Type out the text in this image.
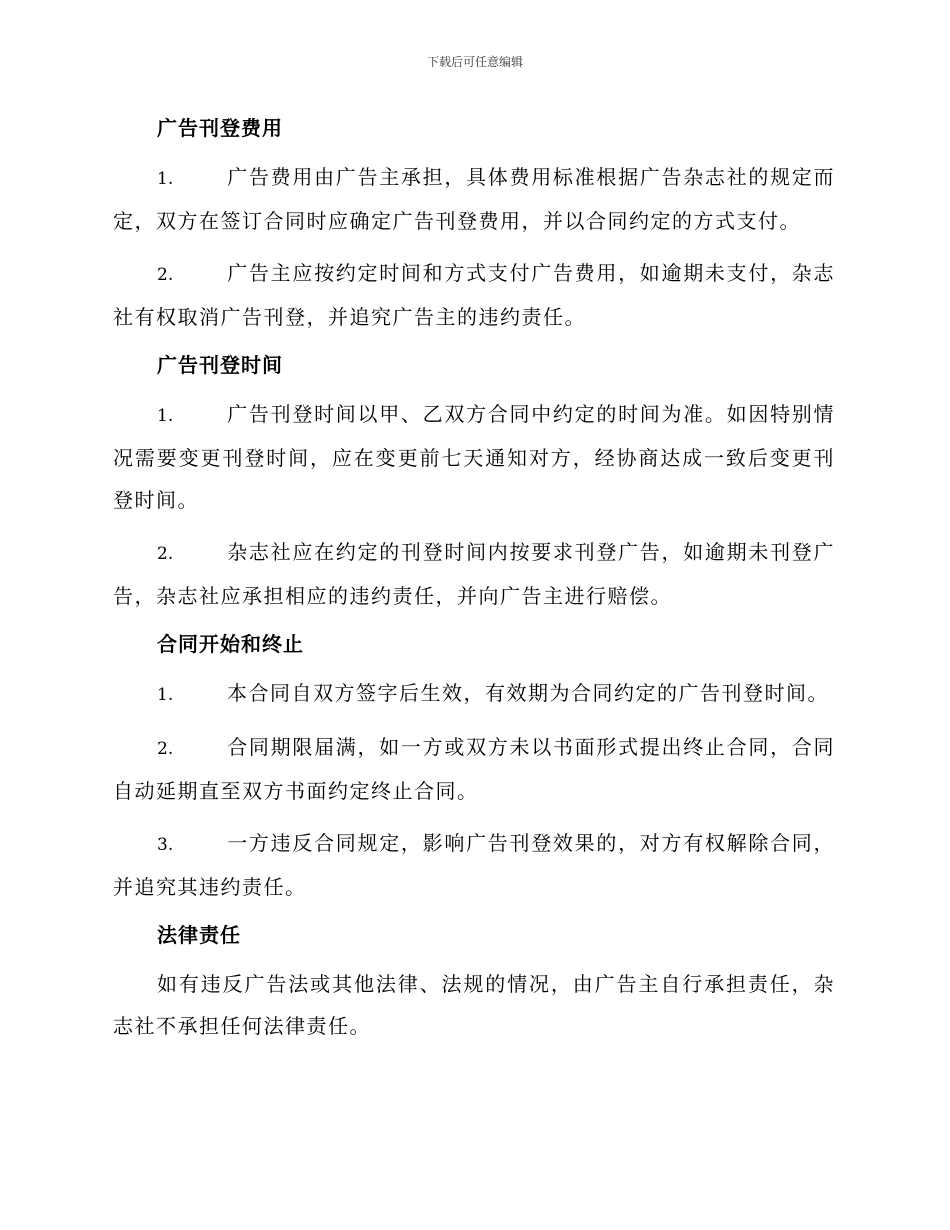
下载后可任意编辑
广告刊登费用

1.	广告费用由广告主承担，具体费用标准根据广告杂志社的规定而定，双方在签订合同时应确定广告刊登费用，并以合同约定的方式支付。

2.	广告主应按约定时间和方式支付广告费用，如逾期未支付，杂志社有权取消广告刊登，并追究广告主的违约责任。

广告刊登时间

1.	广告刊登时间以甲、乙双方合同中约定的时间为准。如因特别情况需要变更刊登时间，应在变更前七天通知对方，经协商达成一致后变更刊登时间。

2.	杂志社应在约定的刊登时间内按要求刊登广告，如逾期未刊登广告，杂志社应承担相应的违约责任，并向广告主进行赔偿。

合同开始和终止

1.	本合同自双方签字后生效，有效期为合同约定的广告刊登时间。

2.	合同期限届满，如一方或双方未以书面形式提出终止合同，合同自动延期直至双方书面约定终止合同。

3.	一方违反合同规定，影响广告刊登效果的，对方有权解除合同，并追究其违约责任。

法律责任

如有违反广告法或其他法律、法规的情况，由广告主自行承担责任，杂志社不承担任何法律责任。
